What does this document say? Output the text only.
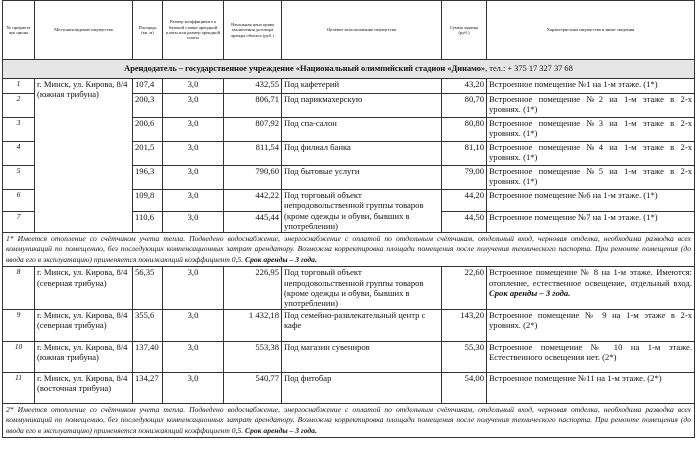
№ предмета аук циона	Местонахождение имущества	Площадь (кв. м)	Размер коэффициента к базовой ставке арендной платы или размер арендной платы	Начальная цена права заключения договора аренды объекта (руб.)	Целевое использование имущества	Сумма задатка (руб.)	Характеристика имущества и иные сведения
Арендодатель – государственное учреждение «Национальный олимпийский стадион «Динамо», тел.: + 375 17 327 37 68							
1	г. Минск, ул. Кирова, 8/4 (южная трибуна)	107,4	3,0	432,55	Под кафетерий	43,20	Встроенное помещение №1 на 1-м этаже. (1*)
2		200,3	3,0	806,71	Под парикмахерскую	80,70	Встроенное помещение №2 на 1-м этаже в 2-х уровнях. (1*)
3		200,6	3,0	807,92	Под спа-салон	80,80	Встроенное помещение №3 на 1-м этаже в 2-х уровнях. (1*)
4		201,5	3,0	811,54	Под филиал банка	81,10	Встроенное помещение №4 на 1-м этаже в 2-х уровнях. (1*)
5		196,3	3,0	790,60	Под бытовые услуги	79,00	Встроенное помещение №5 на 1-м этаже в 2-х уровнях. (1*)
6		109,8	3,0	442,22	Под торговый объект непродовольственной группы товаров (кроме одежды и обуви, бывших в употреблении)	44,20	Встроенное помещение №6 на 1-м этаже. (1*)
7		110,6	3,0	445,44		44,50	Встроенное помещение №7 на 1-м этаже. (1*)
1* Имеется отопление со счётчиком учета тепла. Подведено водоснабжение, энергоснабжение с оплатой по отдельным счётчикам, отдельный вход, черновая отделка, необходима разводка всех коммуникаций по помещению, без последующих компенсационных затрат арендатору. Возможна корректировка площади помещения после получения технического паспорта. При ремонте помещения (до ввода его в эксплуатацию) применяется понижающий коэффициент 0,5. Срок аренды – 3 года.							
8	г. Минск, ул. Кирова, 8/4 (северная трибуна)	56,35	3,0	226,95	Под торговый объект непродовольственной группы товаров (кроме одежды и обуви, бывших в употреблении)	22,60	Встроенное помещение № 8 на 1-м этаже. Имеются: отопление, естественное освещение, отдельный вход. Срок аренды – 3 года.
9	г. Минск, ул. Кирова, 8/4 (северная трибуна)	355,6	3,0	1 432,18	Под семейно-развлекательный центр с кафе	143,20	Встроенное помещение № 9 на 1-м этаже в 2-х уровнях. (2*)
10	г. Минск, ул. Кирова, 8/4 (южная трибуна)	137,40	3,0	553,38	Под магазин сувениров	55,30	Встроенное помещение № 10 на 1-м этаже. Естественного освещения нет. (2*)
11	г. Минск, ул. Кирова, 8/4 (восточная трибуна)	134,27	3,0	540,77	Под фитобар	54,00	Встроенное помещение №11 на 1-м этаже. (2*)
2* Имеется отопление со счётчиком учета тепла. Подведено водоснабжение, энергоснабжение с оплатой по отдельным счётчикам, отдельный вход, черновая отделка, необходима разводка всех коммуникаций по помещению, без последующих компенсационных затрат арендатору. Возможна корректировка площади помещения после получения технического паспорта. При ремонте помещения (до ввода его в эксплуатацию) применяется понижающий коэффициент 0,5. Срок аренды – 3 года.							
